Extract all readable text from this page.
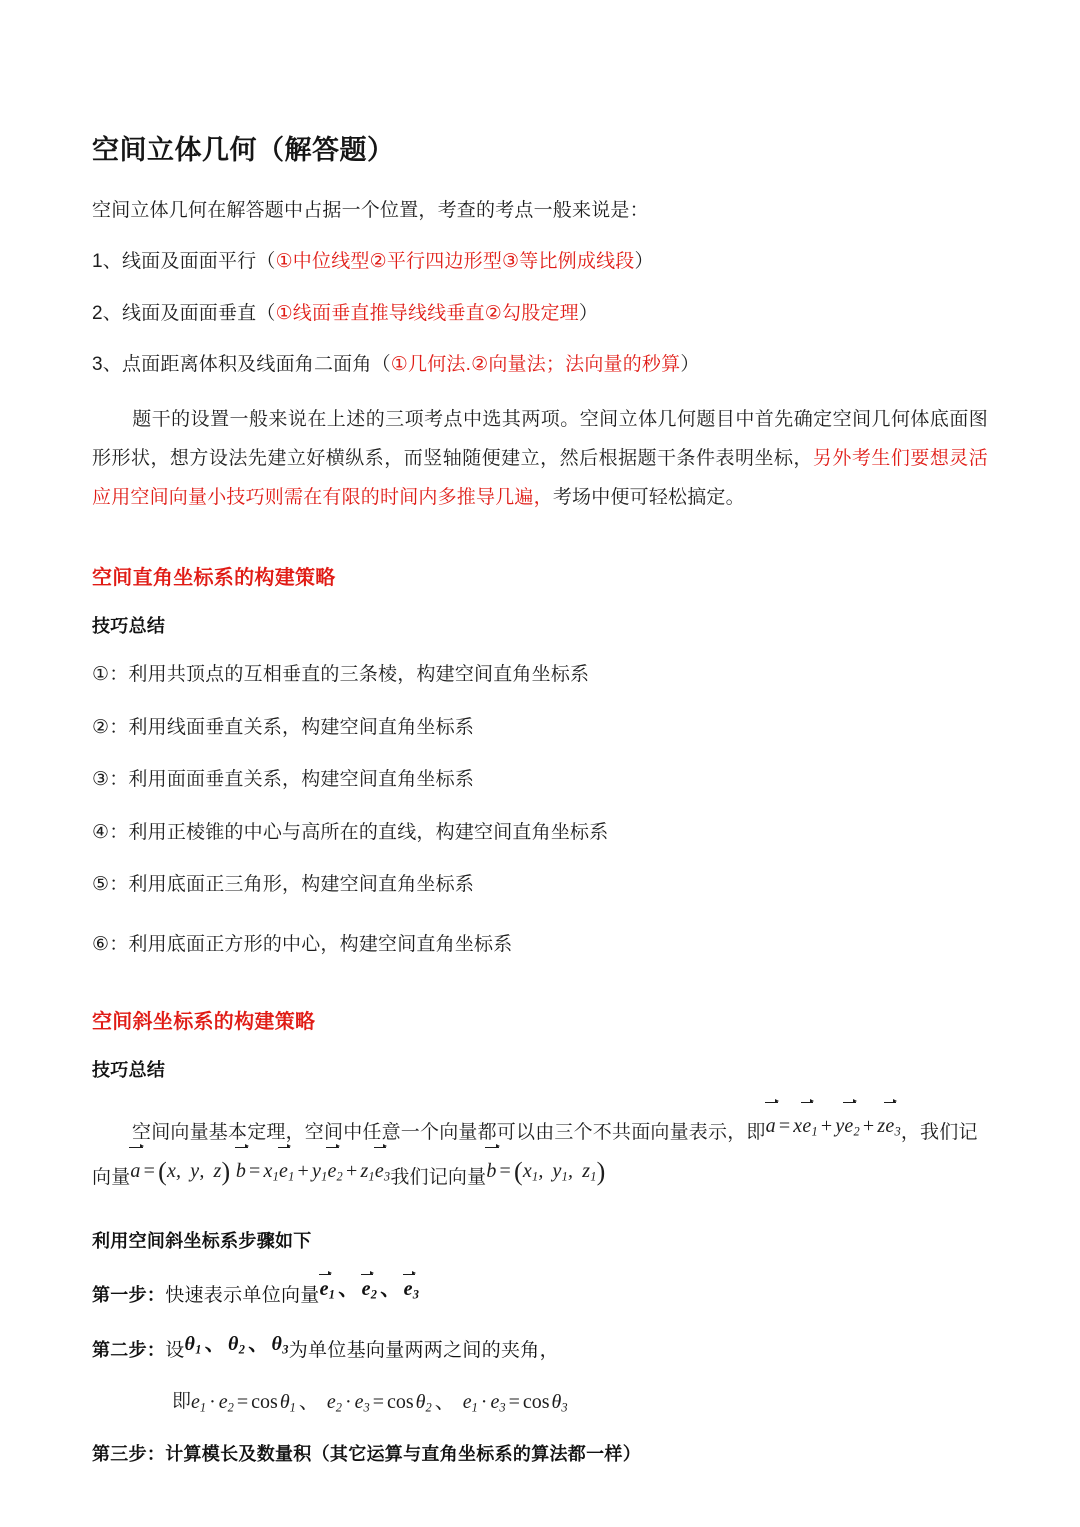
空间立体几何（解答题）
空间立体几何在解答题中占据一个位置，考查的考点一般来说是：
1、线面及面面平行（①中位线型②平行四边形型③等比例成线段）
2、线面及面面垂直（①线面垂直推导线线垂直②勾股定理）
3、点面距离体积及线面角二面角（①几何法.②向量法；法向量的秒算）
题干的设置一般来说在上述的三项考点中选其两项。空间立体几何题目中首先确定空间几何体底面图形形状，想方设法先建立好横纵系，而竖轴随便建立，然后根据题干条件表明坐标，另外考生们要想灵活应用空间向量小技巧则需在有限的时间内多推导几遍，考场中便可轻松搞定。
空间直角坐标系的构建策略
技巧总结
①：利用共顶点的互相垂直的三条棱，构建空间直角坐标系
②：利用线面垂直关系，构建空间直角坐标系
③：利用面面垂直关系，构建空间直角坐标系
④：利用正棱锥的中心与高所在的直线，构建空间直角坐标系
⑤：利用底面正三角形，构建空间直角坐标系
⑥：利用底面正方形的中心，构建空间直角坐标系
空间斜坐标系的构建策略
技巧总结
空间向量基本定理，空间中任意一个向量都可以由三个不共面向量表示，即$a = xe_1 + ye_2 + ze_3$，我们记向量a = (x, y, z) $b = x_1e_1 + y_1e_2 + z_1e_3$我们记向量$b = (x_1$, $y_1$, $z_1$)
利用空间斜坐标系步骤如下
第一步：快速表示单位向量$e_1$ 、 $e_2$ 、 $e_3$
第二步：设$\theta_1$ 、 $\theta_2$ 、 $\theta_3$为单位基向量两两之间的夹角，
即$e_1 \cdot e_2 = \cos \theta_1$ 、 $e_2 \cdot e_3 = \cos \theta_2$ 、 $e_1 \cdot e_3 = \cos \theta_3$
第三步：计算模长及数量积（其它运算与直角坐标系的算法都一样）
